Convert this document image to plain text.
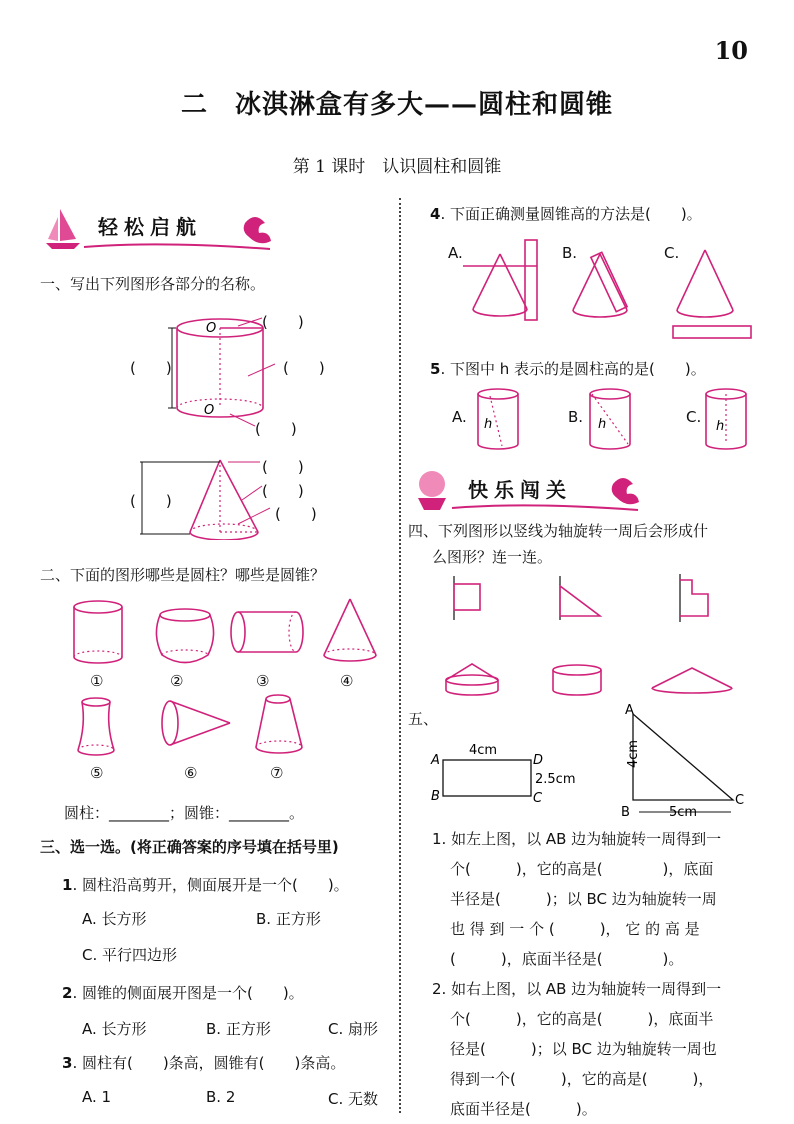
10
二　冰淇淋盒有多大——圆柱和圆锥
第 1 课时　认识圆柱和圆锥
轻松启航
一、写出下列图形各部分的名称。
O
O
(　　)
(　　)	(　　)
(　　)
(　　)
(　　)
(　　)
(　　)
二、下面的图形哪些是圆柱？哪些是圆锥？
①	②	③	④
⑤	⑥	⑦
圆柱：________；圆锥：________。
三、选一选。(将正确答案的序号填在括号里)
1. 圆柱沿高剪开，侧面展开是一个(　　)。
A. 长方形	B. 正方形
C. 平行四边形
2. 圆锥的侧面展开图是一个(　　)。
A. 长方形	B. 正方形	C. 扇形
3. 圆柱有(　　)条高，圆锥有(　　)条高。
A. 1	B. 2	C. 无数
4. 下面正确测量圆锥高的方法是(　　)。
A.	B.	C.
5. 下图中 h 表示的是圆柱高的是(　　)。
A.	B.	C.
h	h	h
快乐闯关
四、下列图形以竖线为轴旋转一周后会形成什
么图形？连一连。
五、
A
B	C
D
4cm
2.5cm
A
B
C
4cm
5cm
1. 如左上图，以 AB 边为轴旋转一周得到一
个(　　　)，它的高是(　　　　)，底面
半径是(　　　)；以 BC 边为轴旋转一周
也 得 到 一 个 (　　　)， 它 的 高 是
(　　　)，底面半径是(　　　　)。
2. 如右上图，以 AB 边为轴旋转一周得到一
个(　　　)，它的高是(　　　)，底面半
径是(　　　)；以 BC 边为轴旋转一周也
得到一个(　　　)，它的高是(　　　)，
底面半径是(　　　)。
